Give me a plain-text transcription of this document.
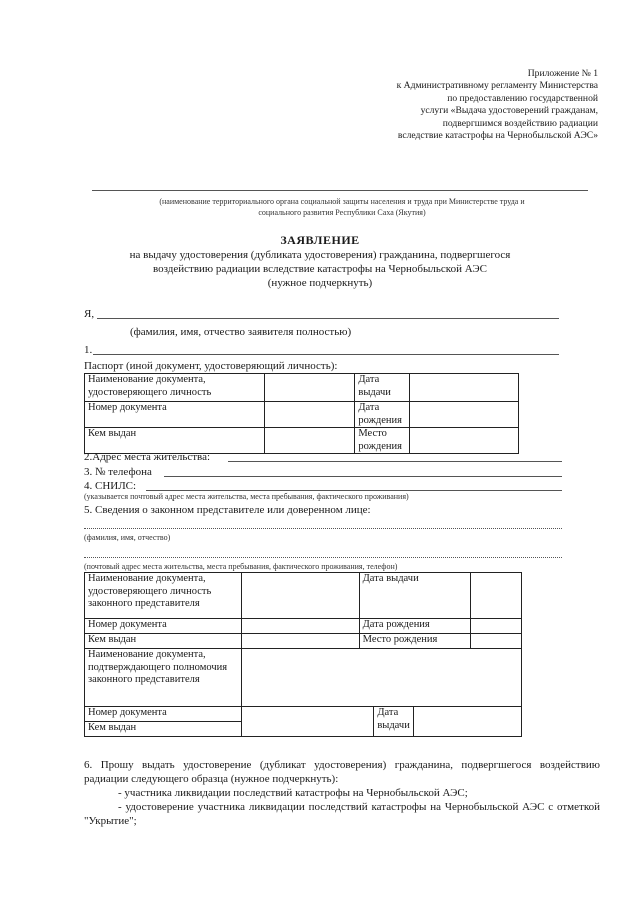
Приложение № 1
к Административному регламенту Министерства
по предоставлению государственной
услуги «Выдача удостоверений гражданам,
подвергшимся воздействию радиации
вследствие катастрофы на Чернобыльской АЭС»
(наименование территориального органа социальной защиты населения и труда при Министерстве труда и
социального развития Республики Саха (Якутия)
ЗАЯВЛЕНИЕ
на выдачу удостоверения (дубликата удостоверения) гражданина, подвергшегося
воздействию радиации вследствие катастрофы на Чернобыльской АЭС
(нужное подчеркнуть)
Я,
(фамилия, имя, отчество заявителя полностью)
1.
Паспорт (иной документ, удостоверяющий личность):
Наименование документа, удостоверяющего личность		Дата выдачи	
Номер документа		Дата рождения	
Кем выдан		Место рождения	
2.Адрес места жительства:
3. № телефона
4. СНИЛС:
(указывается почтовый адрес места жительства, места пребывания, фактического проживания)
5. Сведения о законном представителе или доверенном лице:
(фамилия, имя, отчество)
(почтовый адрес места жительства, места пребывания, фактического проживания, телефон)
Наименование документа, удостоверяющего личность законного представителя		Дата выдачи	

Номер документа		Дата рождения	

Кем выдан		Место рождения	

Наименование документа, подтверждающего полномочия законного представителя			
Номер документа	Дата выдачи		

Кем выдан			
6. Прошу выдать удостоверение (дубликат удостоверения) гражданина, подвергшегося воздействию радиации следующего образца (нужное подчеркнуть):
- участника ликвидации последствий катастрофы на Чернобыльской АЭС;
- удостоверение участника ликвидации последствий катастрофы на Чернобыльской АЭС с отметкой "Укрытие";
